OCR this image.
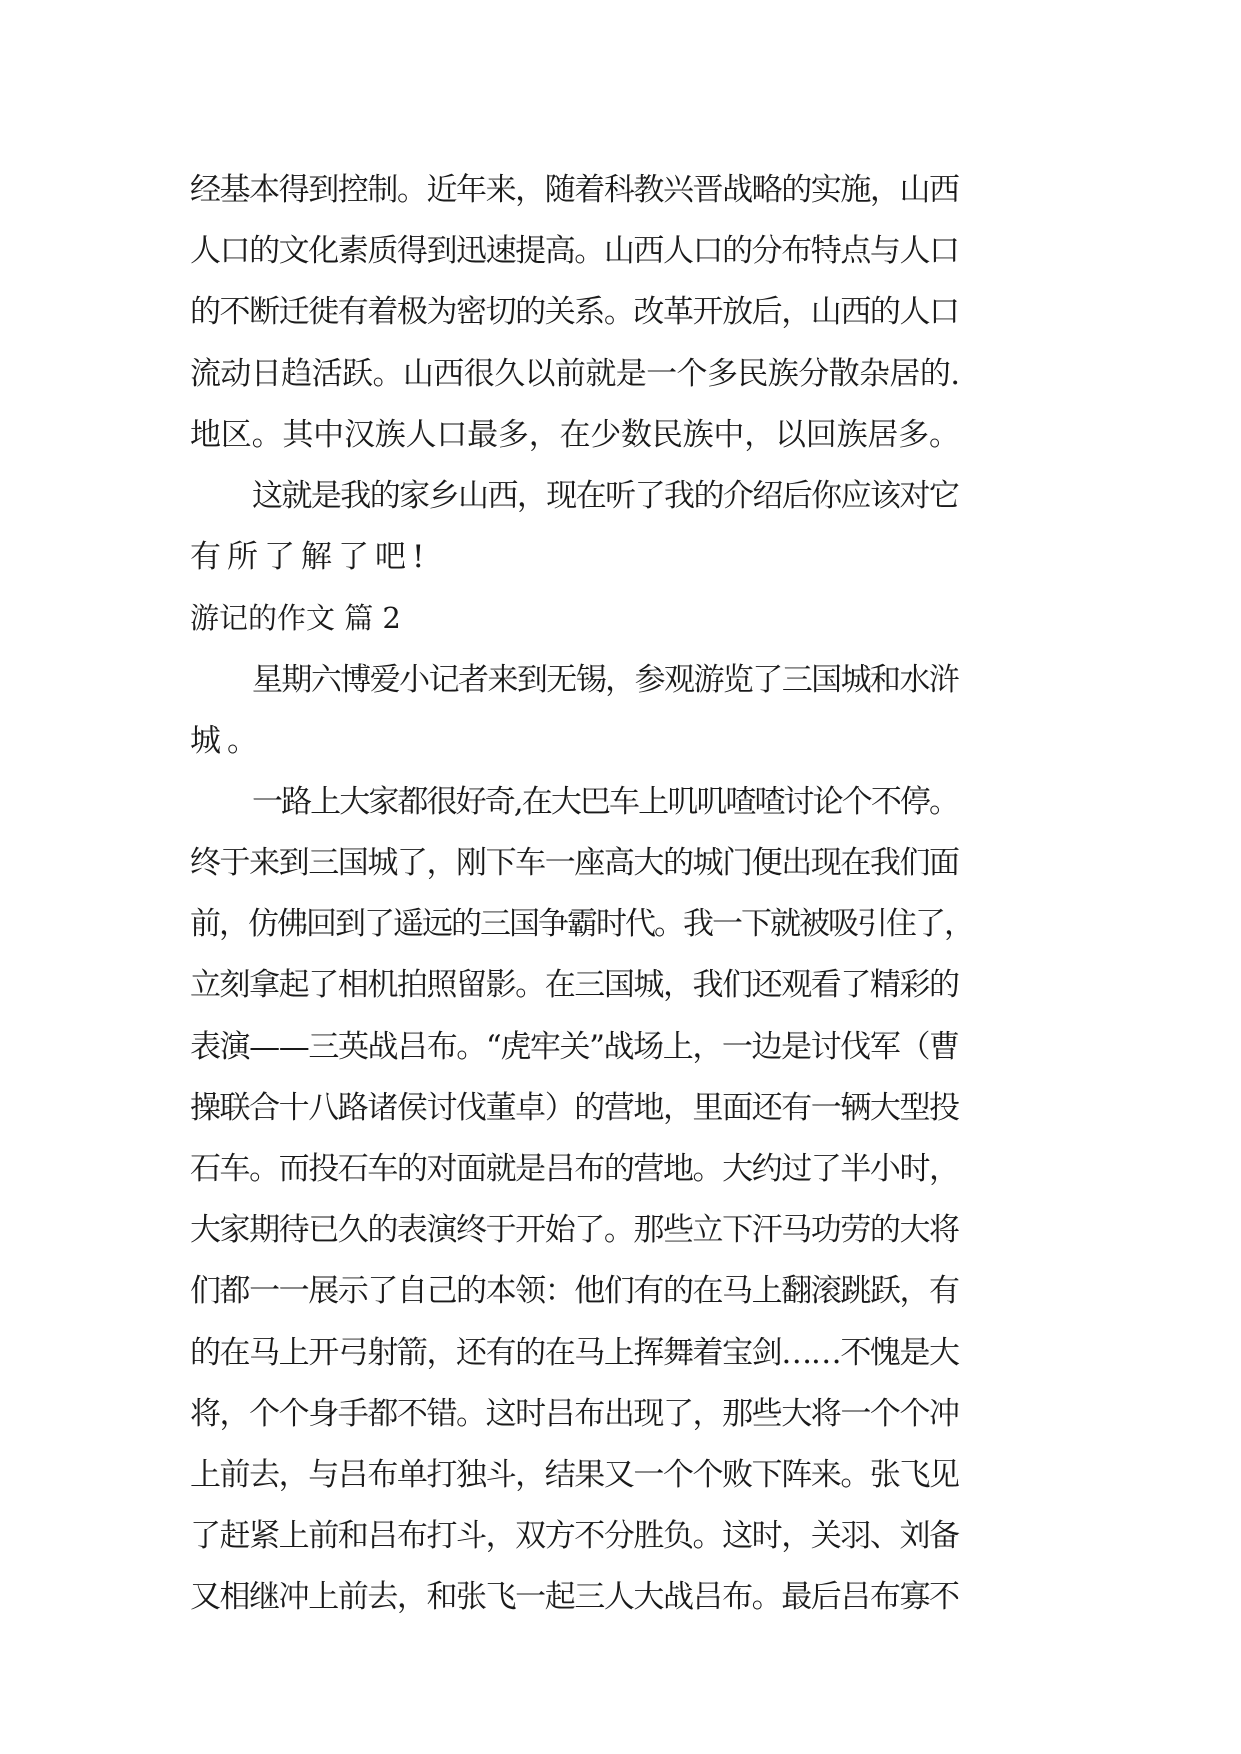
经基本得到控制。近年来，随着科教兴晋战略的实施，山西
人口的文化素质得到迅速提高。山西人口的分布特点与人口
的不断迁徙有着极为密切的关系。改革开放后，山西的人口
流动日趋活跃。山西很久以前就是一个多民族分散杂居的.
地区。其中汉族人口最多，在少数民族中，以回族居多。
这就是我的家乡山西，现在听了我的介绍后你应该对它
有所了解了吧!
游记的作文 篇 2
星期六博爱小记者来到无锡，参观游览了三国城和水浒
城。
一路上大家都很好奇,在大巴车上叽叽喳喳讨论个不停。
终于来到三国城了，刚下车一座高大的城门便出现在我们面
前，仿佛回到了遥远的三国争霸时代。我一下就被吸引住了，
立刻拿起了相机拍照留影。在三国城，我们还观看了精彩的
表演——三英战吕布。“虎牢关”战场上，一边是讨伐军（曹
操联合十八路诸侯讨伐董卓）的营地，里面还有一辆大型投
石车。而投石车的对面就是吕布的营地。大约过了半小时，
大家期待已久的表演终于开始了。那些立下汗马功劳的大将
们都一一展示了自己的本领：他们有的在马上翻滚跳跃，有
的在马上开弓射箭，还有的在马上挥舞着宝剑……不愧是大
将，个个身手都不错。这时吕布出现了，那些大将一个个冲
上前去，与吕布单打独斗，结果又一个个败下阵来。张飞见
了赶紧上前和吕布打斗，双方不分胜负。这时，关羽、刘备
又相继冲上前去，和张飞一起三人大战吕布。最后吕布寡不
